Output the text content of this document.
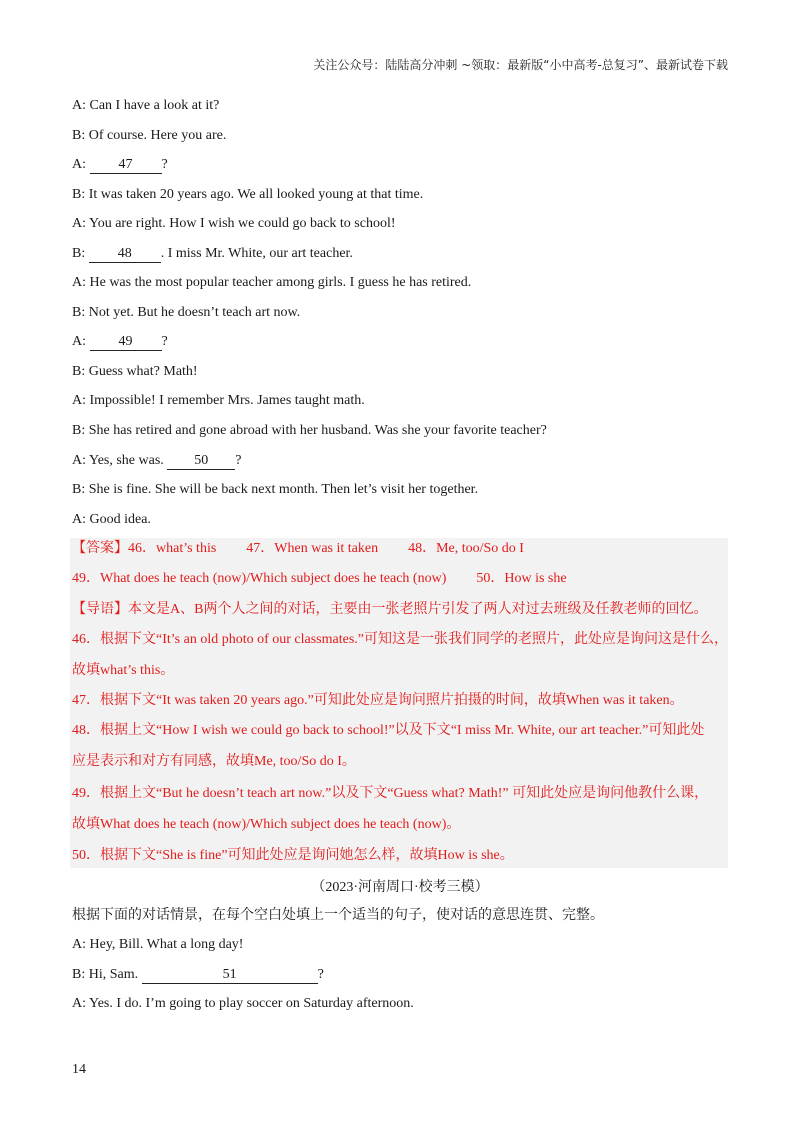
关注公众号：陆陆高分冲刺 ~领取：最新版“小中高考-总复习”、最新试卷下载
A: Can I have a look at it?
B: Of course. Here you are.
A: 47 ?
B: It was taken 20 years ago. We all looked young at that time.
A: You are right. How I wish we could go back to school!
B: 48 . I miss Mr. White, our art teacher.
A: He was the most popular teacher among girls. I guess he has retired.
B: Not yet. But he doesn’t teach art now.
A: 49 ?
B: Guess what? Math!
A: Impossible! I remember Mrs. James taught math.
B: She has retired and gone abroad with her husband. Was she your favorite teacher?
A: Yes, she was. 50 ?
B: She is fine. She will be back next month. Then let’s visit her together.
A: Good idea.
【答案】46．what’s this 47．When was it taken 48．Me, too/So do I
49．What does he teach (now)/Which subject does he teach (now) 50．How is she
【导语】本文是A、B两个人之间的对话，主要由一张老照片引发了两人对过去班级及任教老师的回忆。
46．根据下文“It’s an old photo of our classmates.”可知这是一张我们同学的老照片，此处应是询问这是什么，
故填what’s this。
47．根据下文“It was taken 20 years ago.”可知此处应是询问照片拍摄的时间，故填When was it taken。
48．根据上文“How I wish we could go back to school!”以及下文“I miss Mr. White, our art teacher.”可知此处
应是表示和对方有同感，故填Me, too/So do I。
49．根据上文“But he doesn’t teach art now.”以及下文“Guess what? Math!” 可知此处应是询问他教什么课，
故填What does he teach (now)/Which subject does he teach (now)。
50．根据下文“She is fine”可知此处应是询问她怎么样，故填How is she。
（2023·河南周口·校考三模）
根据下面的对话情景，在每个空白处填上一个适当的句子，使对话的意思连贯、完整。
A: Hey, Bill. What a long day!
B: Hi, Sam.	51	?
A: Yes. I do. I’m going to play soccer on Saturday afternoon.
14
